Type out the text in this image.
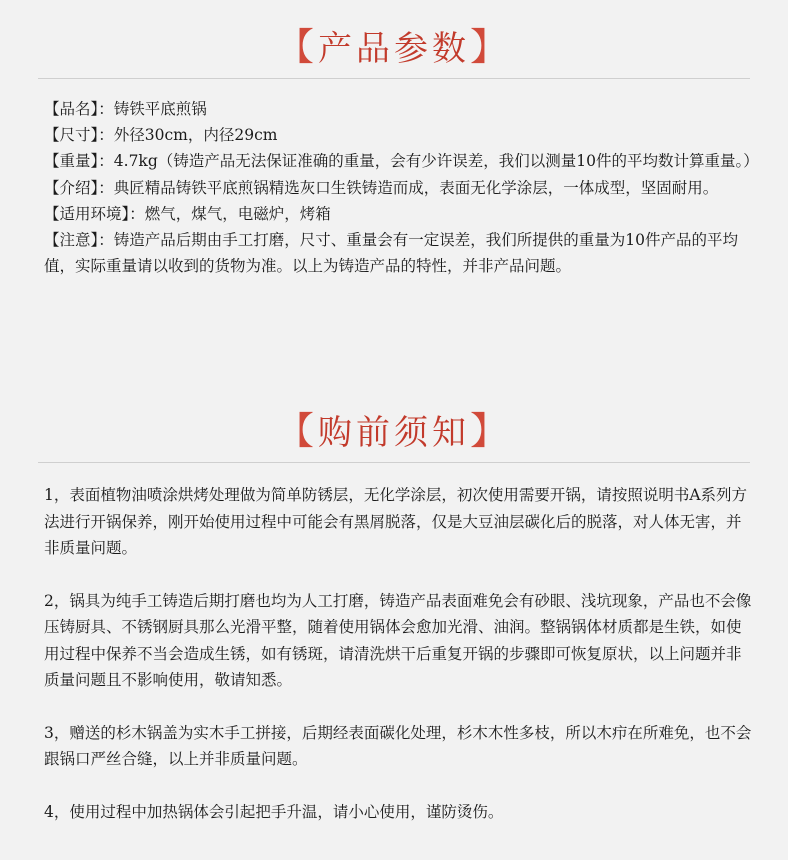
【产品参数】

【品名】：铸铁平底煎锅

【尺寸】：外径30cm，内径29cm

【重量】：4.7kg（铸造产品无法保证准确的重量，会有少许误差，我们以测量10件的平均数计算重量。）

【介绍】：典匠精品铸铁平底煎锅精选灰口生铁铸造而成，表面无化学涂层，一体成型，坚固耐用。

【适用环境】：燃气，煤气，电磁炉，烤箱

【注意】：铸造产品后期由手工打磨，尺寸、重量会有一定误差，我们所提供的重量为10件产品的平均值，实际重量请以收到的货物为准。以上为铸造产品的特性，并非产品问题。

【购前须知】

1，表面植物油喷涂烘烤处理做为简单防锈层，无化学涂层，初次使用需要开锅，请按照说明书A系列方法进行开锅保养，刚开始使用过程中可能会有黑屑脱落，仅是大豆油层碳化后的脱落，对人体无害，并非质量问题。

2，锅具为纯手工铸造后期打磨也均为人工打磨，铸造产品表面难免会有砂眼、浅坑现象，产品也不会像压铸厨具、不锈钢厨具那么光滑平整，随着使用锅体会愈加光滑、油润。整锅锅体材质都是生铁，如使用过程中保养不当会造成生锈，如有锈斑，请清洗烘干后重复开锅的步骤即可恢复原状，以上问题并非质量问题且不影响使用，敬请知悉。

3，赠送的杉木锅盖为实木手工拼接，后期经表面碳化处理，杉木木性多枝，所以木疖在所难免，也不会跟锅口严丝合缝，以上并非质量问题。

4，使用过程中加热锅体会引起把手升温，请小心使用，谨防烫伤。
